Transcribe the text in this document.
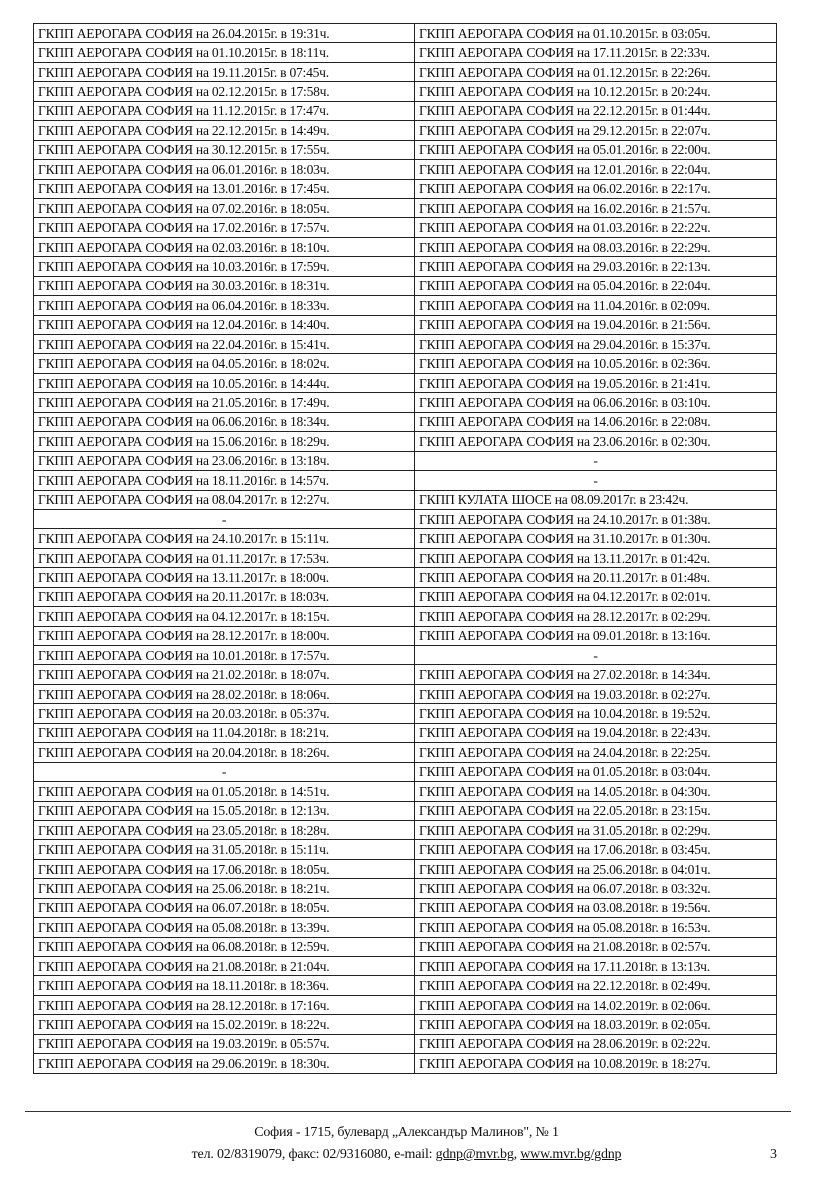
ГКПП АЕРОГАРА СОФИЯ на 26.04.2015г. в 19:31ч.	ГКПП АЕРОГАРА СОФИЯ на 01.10.2015г. в 03:05ч.
ГКПП АЕРОГАРА СОФИЯ на 01.10.2015г. в 18:11ч.	ГКПП АЕРОГАРА СОФИЯ на 17.11.2015г. в 22:33ч.
ГКПП АЕРОГАРА СОФИЯ на 19.11.2015г. в 07:45ч.	ГКПП АЕРОГАРА СОФИЯ на 01.12.2015г. в 22:26ч.
ГКПП АЕРОГАРА СОФИЯ на 02.12.2015г. в 17:58ч.	ГКПП АЕРОГАРА СОФИЯ на 10.12.2015г. в 20:24ч.
ГКПП АЕРОГАРА СОФИЯ на 11.12.2015г. в 17:47ч.	ГКПП АЕРОГАРА СОФИЯ на 22.12.2015г. в 01:44ч.
ГКПП АЕРОГАРА СОФИЯ на 22.12.2015г. в 14:49ч.	ГКПП АЕРОГАРА СОФИЯ на 29.12.2015г. в 22:07ч.
ГКПП АЕРОГАРА СОФИЯ на 30.12.2015г. в 17:55ч.	ГКПП АЕРОГАРА СОФИЯ на 05.01.2016г. в 22:00ч.
ГКПП АЕРОГАРА СОФИЯ на 06.01.2016г. в 18:03ч.	ГКПП АЕРОГАРА СОФИЯ на 12.01.2016г. в 22:04ч.
ГКПП АЕРОГАРА СОФИЯ на 13.01.2016г. в 17:45ч.	ГКПП АЕРОГАРА СОФИЯ на 06.02.2016г. в 22:17ч.
ГКПП АЕРОГАРА СОФИЯ на 07.02.2016г. в 18:05ч.	ГКПП АЕРОГАРА СОФИЯ на 16.02.2016г. в 21:57ч.
ГКПП АЕРОГАРА СОФИЯ на 17.02.2016г. в 17:57ч.	ГКПП АЕРОГАРА СОФИЯ на 01.03.2016г. в 22:22ч.
ГКПП АЕРОГАРА СОФИЯ на 02.03.2016г. в 18:10ч.	ГКПП АЕРОГАРА СОФИЯ на 08.03.2016г. в 22:29ч.
ГКПП АЕРОГАРА СОФИЯ на 10.03.2016г. в 17:59ч.	ГКПП АЕРОГАРА СОФИЯ на 29.03.2016г. в 22:13ч.
ГКПП АЕРОГАРА СОФИЯ на 30.03.2016г. в 18:31ч.	ГКПП АЕРОГАРА СОФИЯ на 05.04.2016г. в 22:04ч.
ГКПП АЕРОГАРА СОФИЯ на 06.04.2016г. в 18:33ч.	ГКПП АЕРОГАРА СОФИЯ на 11.04.2016г. в 02:09ч.
ГКПП АЕРОГАРА СОФИЯ на 12.04.2016г. в 14:40ч.	ГКПП АЕРОГАРА СОФИЯ на 19.04.2016г. в 21:56ч.
ГКПП АЕРОГАРА СОФИЯ на 22.04.2016г. в 15:41ч.	ГКПП АЕРОГАРА СОФИЯ на 29.04.2016г. в 15:37ч.
ГКПП АЕРОГАРА СОФИЯ на 04.05.2016г. в 18:02ч.	ГКПП АЕРОГАРА СОФИЯ на 10.05.2016г. в 02:36ч.
ГКПП АЕРОГАРА СОФИЯ на 10.05.2016г. в 14:44ч.	ГКПП АЕРОГАРА СОФИЯ на 19.05.2016г. в 21:41ч.
ГКПП АЕРОГАРА СОФИЯ на 21.05.2016г. в 17:49ч.	ГКПП АЕРОГАРА СОФИЯ на 06.06.2016г. в 03:10ч.
ГКПП АЕРОГАРА СОФИЯ на 06.06.2016г. в 18:34ч.	ГКПП АЕРОГАРА СОФИЯ на 14.06.2016г. в 22:08ч.
ГКПП АЕРОГАРА СОФИЯ на 15.06.2016г. в 18:29ч.	ГКПП АЕРОГАРА СОФИЯ на 23.06.2016г. в 02:30ч.
ГКПП АЕРОГАРА СОФИЯ на 23.06.2016г. в 13:18ч.	-
ГКПП АЕРОГАРА СОФИЯ на 18.11.2016г. в 14:57ч.	-
ГКПП АЕРОГАРА СОФИЯ на 08.04.2017г. в 12:27ч.	ГКПП КУЛАТА ШОСЕ на 08.09.2017г. в 23:42ч.
-	ГКПП АЕРОГАРА СОФИЯ на 24.10.2017г. в 01:38ч.
ГКПП АЕРОГАРА СОФИЯ на 24.10.2017г. в 15:11ч.	ГКПП АЕРОГАРА СОФИЯ на 31.10.2017г. в 01:30ч.
ГКПП АЕРОГАРА СОФИЯ на 01.11.2017г. в 17:53ч.	ГКПП АЕРОГАРА СОФИЯ на 13.11.2017г. в 01:42ч.
ГКПП АЕРОГАРА СОФИЯ на 13.11.2017г. в 18:00ч.	ГКПП АЕРОГАРА СОФИЯ на 20.11.2017г. в 01:48ч.
ГКПП АЕРОГАРА СОФИЯ на 20.11.2017г. в 18:03ч.	ГКПП АЕРОГАРА СОФИЯ на 04.12.2017г. в 02:01ч.
ГКПП АЕРОГАРА СОФИЯ на 04.12.2017г. в 18:15ч.	ГКПП АЕРОГАРА СОФИЯ на 28.12.2017г. в 02:29ч.
ГКПП АЕРОГАРА СОФИЯ на 28.12.2017г. в 18:00ч.	ГКПП АЕРОГАРА СОФИЯ на 09.01.2018г. в 13:16ч.
ГКПП АЕРОГАРА СОФИЯ на 10.01.2018г. в 17:57ч.	-
ГКПП АЕРОГАРА СОФИЯ на 21.02.2018г. в 18:07ч.	ГКПП АЕРОГАРА СОФИЯ на 27.02.2018г. в 14:34ч.
ГКПП АЕРОГАРА СОФИЯ на 28.02.2018г. в 18:06ч.	ГКПП АЕРОГАРА СОФИЯ на 19.03.2018г. в 02:27ч.
ГКПП АЕРОГАРА СОФИЯ на 20.03.2018г. в 05:37ч.	ГКПП АЕРОГАРА СОФИЯ на 10.04.2018г. в 19:52ч.
ГКПП АЕРОГАРА СОФИЯ на 11.04.2018г. в 18:21ч.	ГКПП АЕРОГАРА СОФИЯ на 19.04.2018г. в 22:43ч.
ГКПП АЕРОГАРА СОФИЯ на 20.04.2018г. в 18:26ч.	ГКПП АЕРОГАРА СОФИЯ на 24.04.2018г. в 22:25ч.
-	ГКПП АЕРОГАРА СОФИЯ на 01.05.2018г. в 03:04ч.
ГКПП АЕРОГАРА СОФИЯ на 01.05.2018г. в 14:51ч.	ГКПП АЕРОГАРА СОФИЯ на 14.05.2018г. в 04:30ч.
ГКПП АЕРОГАРА СОФИЯ на 15.05.2018г. в 12:13ч.	ГКПП АЕРОГАРА СОФИЯ на 22.05.2018г. в 23:15ч.
ГКПП АЕРОГАРА СОФИЯ на 23.05.2018г. в 18:28ч.	ГКПП АЕРОГАРА СОФИЯ на 31.05.2018г. в 02:29ч.
ГКПП АЕРОГАРА СОФИЯ на 31.05.2018г. в 15:11ч.	ГКПП АЕРОГАРА СОФИЯ на 17.06.2018г. в 03:45ч.
ГКПП АЕРОГАРА СОФИЯ на 17.06.2018г. в 18:05ч.	ГКПП АЕРОГАРА СОФИЯ на 25.06.2018г. в 04:01ч.
ГКПП АЕРОГАРА СОФИЯ на 25.06.2018г. в 18:21ч.	ГКПП АЕРОГАРА СОФИЯ на 06.07.2018г. в 03:32ч.
ГКПП АЕРОГАРА СОФИЯ на 06.07.2018г. в 18:05ч.	ГКПП АЕРОГАРА СОФИЯ на 03.08.2018г. в 19:56ч.
ГКПП АЕРОГАРА СОФИЯ на 05.08.2018г. в 13:39ч.	ГКПП АЕРОГАРА СОФИЯ на 05.08.2018г. в 16:53ч.
ГКПП АЕРОГАРА СОФИЯ на 06.08.2018г. в 12:59ч.	ГКПП АЕРОГАРА СОФИЯ на 21.08.2018г. в 02:57ч.
ГКПП АЕРОГАРА СОФИЯ на 21.08.2018г. в 21:04ч.	ГКПП АЕРОГАРА СОФИЯ на 17.11.2018г. в 13:13ч.
ГКПП АЕРОГАРА СОФИЯ на 18.11.2018г. в 18:36ч.	ГКПП АЕРОГАРА СОФИЯ на 22.12.2018г. в 02:49ч.
ГКПП АЕРОГАРА СОФИЯ на 28.12.2018г. в 17:16ч.	ГКПП АЕРОГАРА СОФИЯ на 14.02.2019г. в 02:06ч.
ГКПП АЕРОГАРА СОФИЯ на 15.02.2019г. в 18:22ч.	ГКПП АЕРОГАРА СОФИЯ на 18.03.2019г. в 02:05ч.
ГКПП АЕРОГАРА СОФИЯ на 19.03.2019г. в 05:57ч.	ГКПП АЕРОГАРА СОФИЯ на 28.06.2019г. в 02:22ч.
ГКПП АЕРОГАРА СОФИЯ на 29.06.2019г. в 18:30ч.	ГКПП АЕРОГАРА СОФИЯ на 10.08.2019г. в 18:27ч.
София - 1715, булевард „Александър Малинов", № 1
тел. 02/8319079, факс: 02/9316080, e-mail: gdnp@mvr.bg, www.mvr.bg/gdnp	3
